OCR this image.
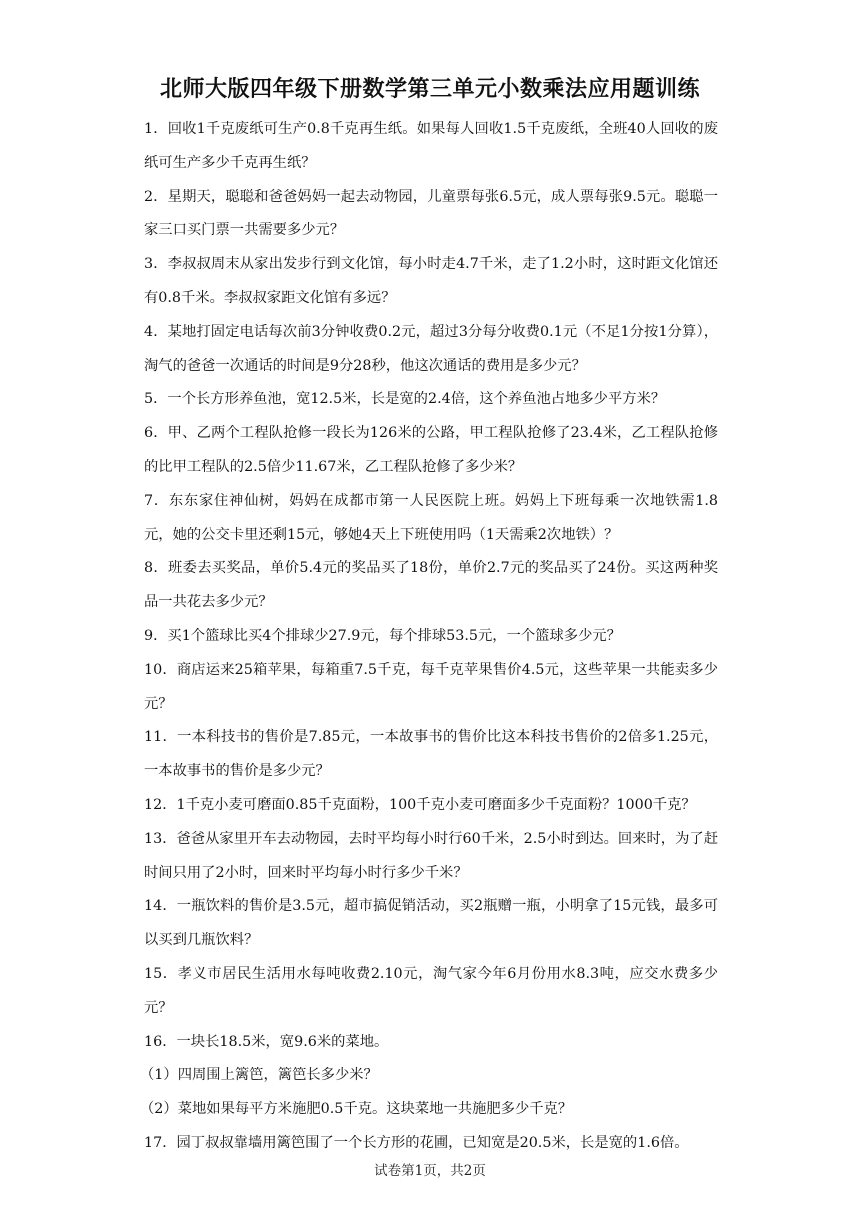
北师大版四年级下册数学第三单元小数乘法应用题训练

1．回收1千克废纸可生产0.8千克再生纸。如果每人回收1.5千克废纸，全班40人回收的废纸可生产多少千克再生纸？

2．星期天，聪聪和爸爸妈妈一起去动物园，儿童票每张6.5元，成人票每张9.5元。聪聪一家三口买门票一共需要多少元？

3．李叔叔周末从家出发步行到文化馆，每小时走4.7千米，走了1.2小时，这时距文化馆还有0.8千米。李叔叔家距文化馆有多远？

4．某地打固定电话每次前3分钟收费0.2元，超过3分每分收费0.1元（不足1分按1分算），淘气的爸爸一次通话的时间是9分28秒，他这次通话的费用是多少元？

5．一个长方形养鱼池，宽12.5米，长是宽的2.4倍，这个养鱼池占地多少平方米？

6．甲、乙两个工程队抢修一段长为126米的公路，甲工程队抢修了23.4米，乙工程队抢修的比甲工程队的2.5倍少11.67米，乙工程队抢修了多少米？

7．东东家住神仙树，妈妈在成都市第一人民医院上班。妈妈上下班每乘一次地铁需1.8元，她的公交卡里还剩15元，够她4天上下班使用吗（1天需乘2次地铁）？

8．班委去买奖品，单价5.4元的奖品买了18份，单价2.7元的奖品买了24份。买这两种奖品一共花去多少元？

9．买1个篮球比买4个排球少27.9元，每个排球53.5元，一个篮球多少元？

10．商店运来25箱苹果，每箱重7.5千克，每千克苹果售价4.5元，这些苹果一共能卖多少元？

11．一本科技书的售价是7.85元，一本故事书的售价比这本科技书售价的2倍多1.25元，一本故事书的售价是多少元？

12．1千克小麦可磨面0.85千克面粉，100千克小麦可磨面多少千克面粉？1000千克？

13．爸爸从家里开车去动物园，去时平均每小时行60千米，2.5小时到达。回来时，为了赶时间只用了2小时，回来时平均每小时行多少千米？

14．一瓶饮料的售价是3.5元，超市搞促销活动，买2瓶赠一瓶，小明拿了15元钱，最多可以买到几瓶饮料？

15．孝义市居民生活用水每吨收费2.10元，淘气家今年6月份用水8.3吨，应交水费多少元？

16．一块长18.5米，宽9.6米的菜地。

（1）四周围上篱笆，篱笆长多少米？

（2）菜地如果每平方米施肥0.5千克。这块菜地一共施肥多少千克？

17．园丁叔叔靠墙用篱笆围了一个长方形的花圃，已知宽是20.5米，长是宽的1.6倍。

试卷第1页，共2页
